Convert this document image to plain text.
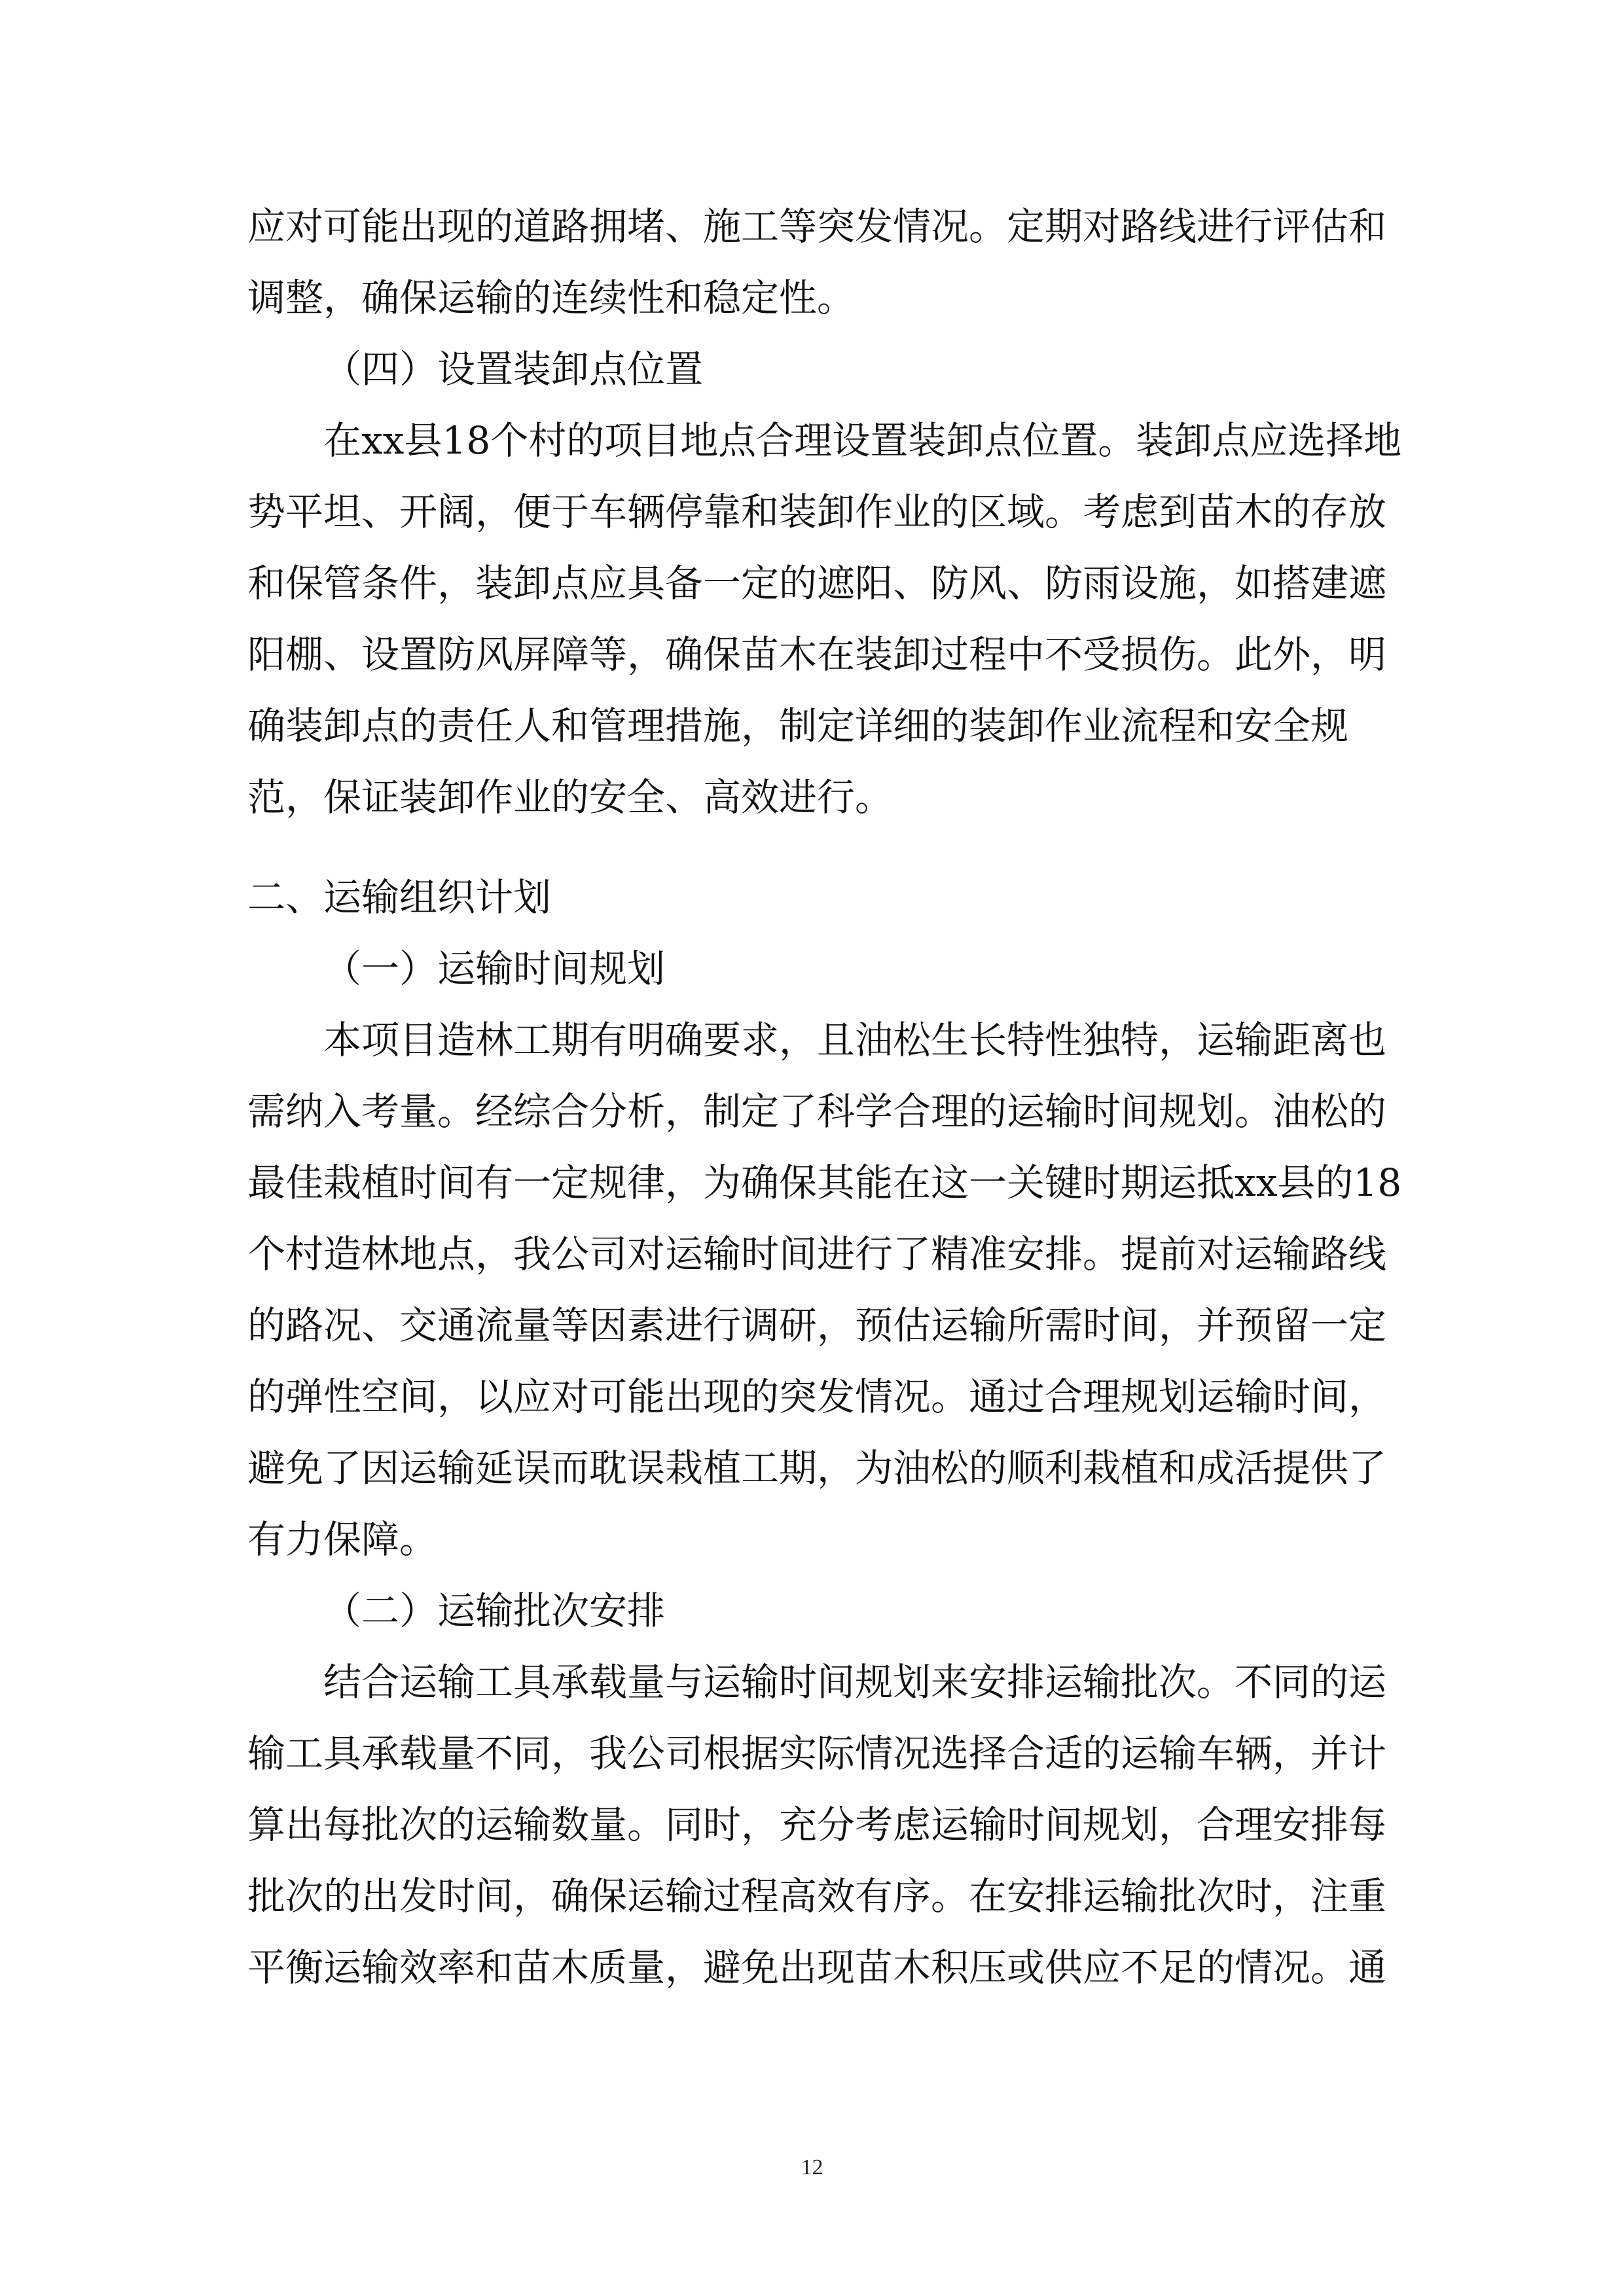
应对可能出现的道路拥堵、施工等突发情况。定期对路线进行评估和
调整，确保运输的连续性和稳定性。
（四）设置装卸点位置
在xx县18个村的项目地点合理设置装卸点位置。装卸点应选择地
势平坦、开阔，便于车辆停靠和装卸作业的区域。考虑到苗木的存放
和保管条件，装卸点应具备一定的遮阳、防风、防雨设施，如搭建遮
阳棚、设置防风屏障等，确保苗木在装卸过程中不受损伤。此外，明
确装卸点的责任人和管理措施，制定详细的装卸作业流程和安全规
范，保证装卸作业的安全、高效进行。
二、运输组织计划
（一）运输时间规划
本项目造林工期有明确要求，且油松生长特性独特，运输距离也
需纳入考量。经综合分析，制定了科学合理的运输时间规划。油松的
最佳栽植时间有一定规律，为确保其能在这一关键时期运抵xx县的18
个村造林地点，我公司对运输时间进行了精准安排。提前对运输路线
的路况、交通流量等因素进行调研，预估运输所需时间，并预留一定
的弹性空间，以应对可能出现的突发情况。通过合理规划运输时间，
避免了因运输延误而耽误栽植工期，为油松的顺利栽植和成活提供了
有力保障。
（二）运输批次安排
结合运输工具承载量与运输时间规划来安排运输批次。不同的运
输工具承载量不同，我公司根据实际情况选择合适的运输车辆，并计
算出每批次的运输数量。同时，充分考虑运输时间规划，合理安排每
批次的出发时间，确保运输过程高效有序。在安排运输批次时，注重
平衡运输效率和苗木质量，避免出现苗木积压或供应不足的情况。通
12
